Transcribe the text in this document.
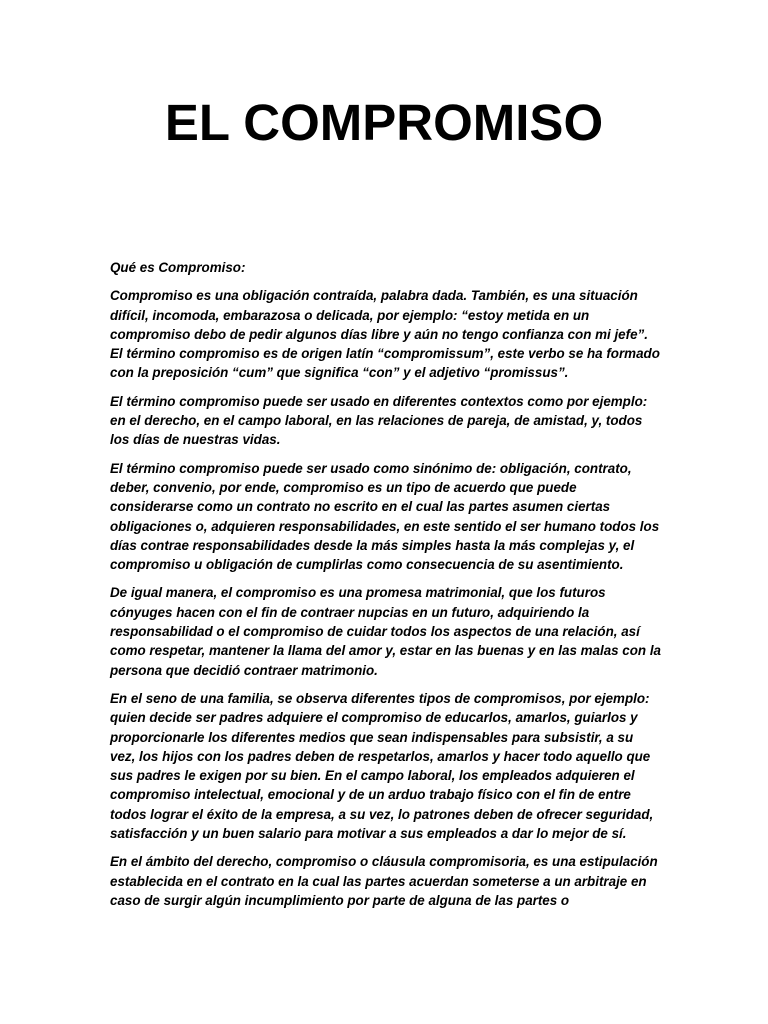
EL COMPROMISO

Qué es Compromiso:

Compromiso es una obligación contraída, palabra dada. También, es una situación difícil, incomoda, embarazosa o delicada, por ejemplo: “estoy metida en un compromiso debo de pedir algunos días libre y aún no tengo confianza con mi jefe”. El término compromiso es de origen latín “compromissum”, este verbo se ha formado con la preposición “cum” que significa “con” y el adjetivo “promissus”.

El término compromiso puede ser usado en diferentes contextos como por ejemplo: en el derecho, en el campo laboral, en las relaciones de pareja, de amistad, y, todos los días de nuestras vidas.

El término compromiso puede ser usado como sinónimo de: obligación, contrato, deber, convenio, por ende, compromiso es un tipo de acuerdo que puede considerarse como un contrato no escrito en el cual las partes asumen ciertas obligaciones o, adquieren responsabilidades, en este sentido el ser humano todos los días contrae responsabilidades desde la más simples hasta la más complejas y, el compromiso u obligación de cumplirlas como consecuencia de su asentimiento.

De igual manera, el compromiso es una promesa matrimonial, que los futuros cónyuges hacen con el fin de contraer nupcias en un futuro, adquiriendo la responsabilidad o el compromiso de cuidar todos los aspectos de una relación, así como respetar, mantener la llama del amor y, estar en las buenas y en las malas con la persona que decidió contraer matrimonio.

En el seno de una familia, se observa diferentes tipos de compromisos, por ejemplo: quien decide ser padres adquiere el compromiso de educarlos, amarlos, guiarlos y proporcionarle los diferentes medios que sean indispensables para subsistir, a su vez, los hijos con los padres deben de respetarlos, amarlos y hacer todo aquello que sus padres le exigen por su bien. En el campo laboral, los empleados adquieren el compromiso intelectual, emocional y de un arduo trabajo físico con el fin de entre todos lograr el éxito de la empresa, a su vez, lo patrones deben de ofrecer seguridad, satisfacción y un buen salario para motivar a sus empleados a dar lo mejor de sí.

En el ámbito del derecho, compromiso o cláusula compromisoria, es una estipulación establecida en el contrato en la cual las partes acuerdan someterse a un arbitraje en caso de surgir algún incumplimiento por parte de alguna de las partes o
